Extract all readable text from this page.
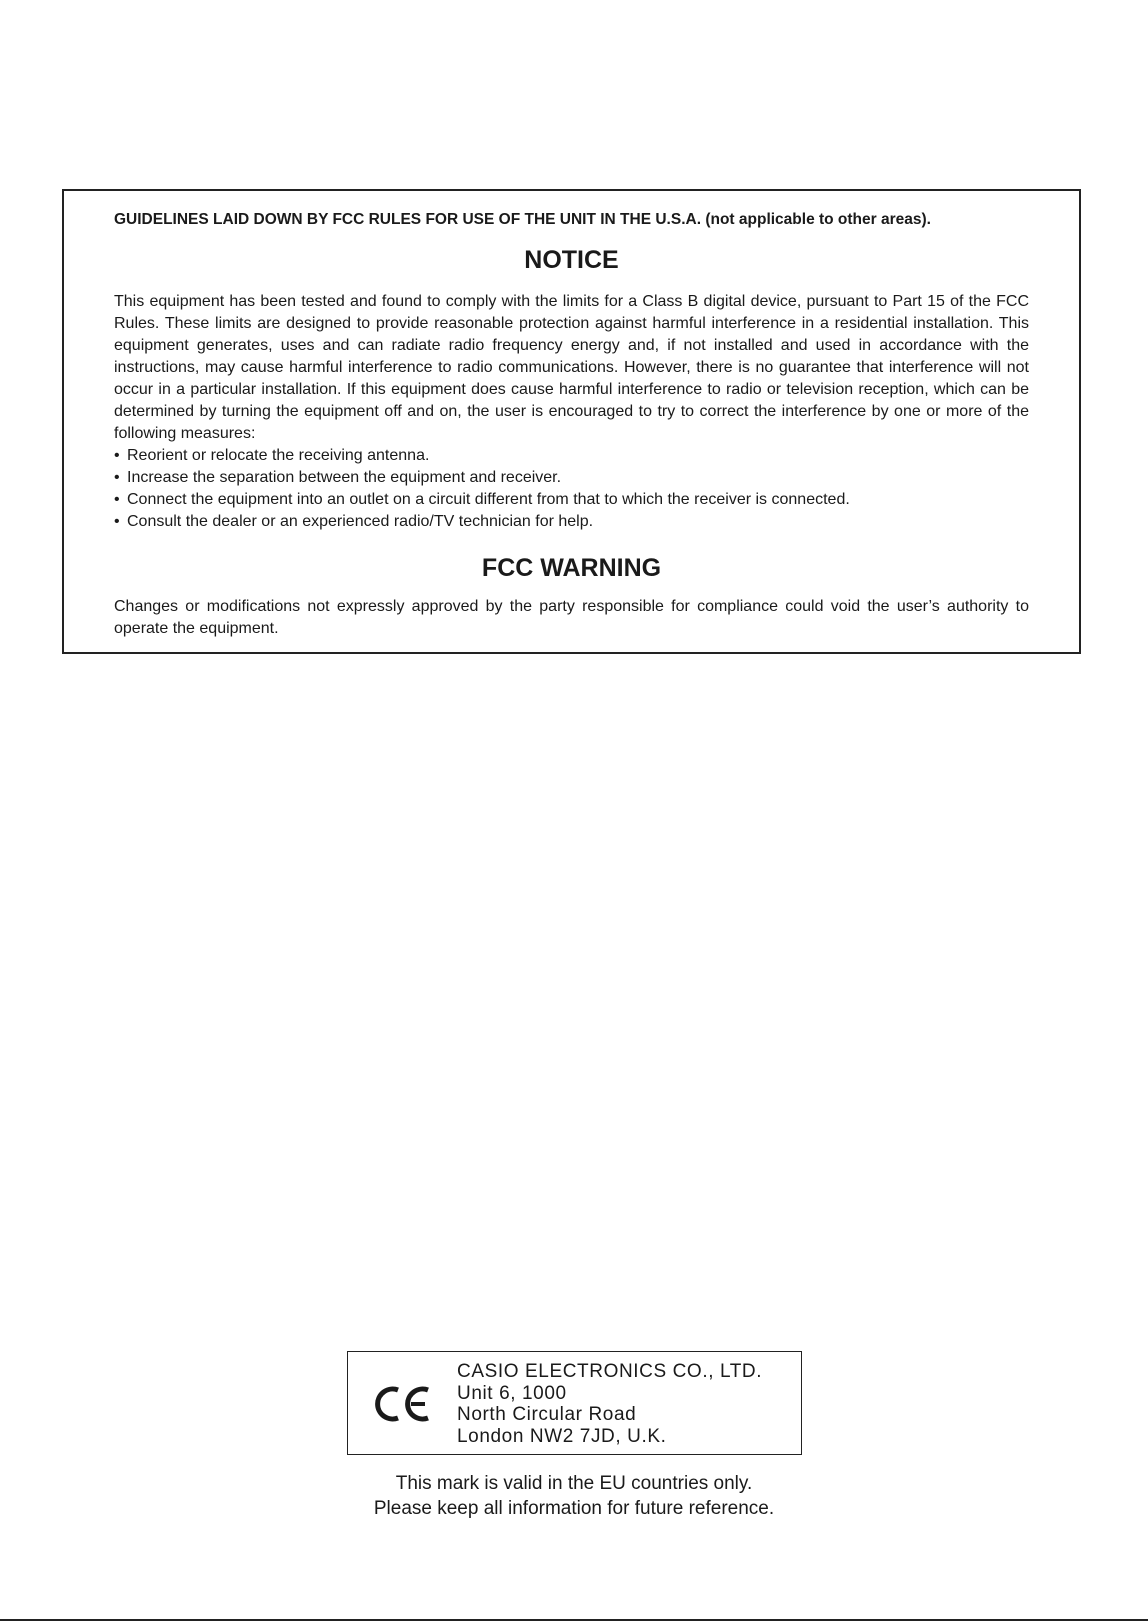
GUIDELINES LAID DOWN BY FCC RULES FOR USE OF THE UNIT IN THE U.S.A. (not applicable to other areas).
NOTICE

This equipment has been tested and found to comply with the limits for a Class B digital device, pursuant to Part 15 of the FCC Rules. These limits are designed to provide reasonable protection against harmful interference in a residential installation. This equipment generates, uses and can radiate radio frequency energy and, if not installed and used in accordance with the instructions, may cause harmful interference to radio communications. However, there is no guarantee that interference will not occur in a particular installation. If this equipment does cause harmful interference to radio or television reception, which can be determined by turning the equipment off and on, the user is encouraged to try to correct the interference by one or more of the following measures:

• Reorient or relocate the receiving antenna.
• Increase the separation between the equipment and receiver.
• Connect the equipment into an outlet on a circuit different from that to which the receiver is connected.
• Consult the dealer or an experienced radio/TV technician for help.
FCC WARNING

Changes or modifications not expressly approved by the party responsible for compliance could void the user’s authority to operate the equipment.

CASIO ELECTRONICS CO., LTD.
Unit 6, 1000
North Circular Road
London NW2 7JD, U.K.
This mark is valid in the EU countries only.
Please keep all information for future reference.
